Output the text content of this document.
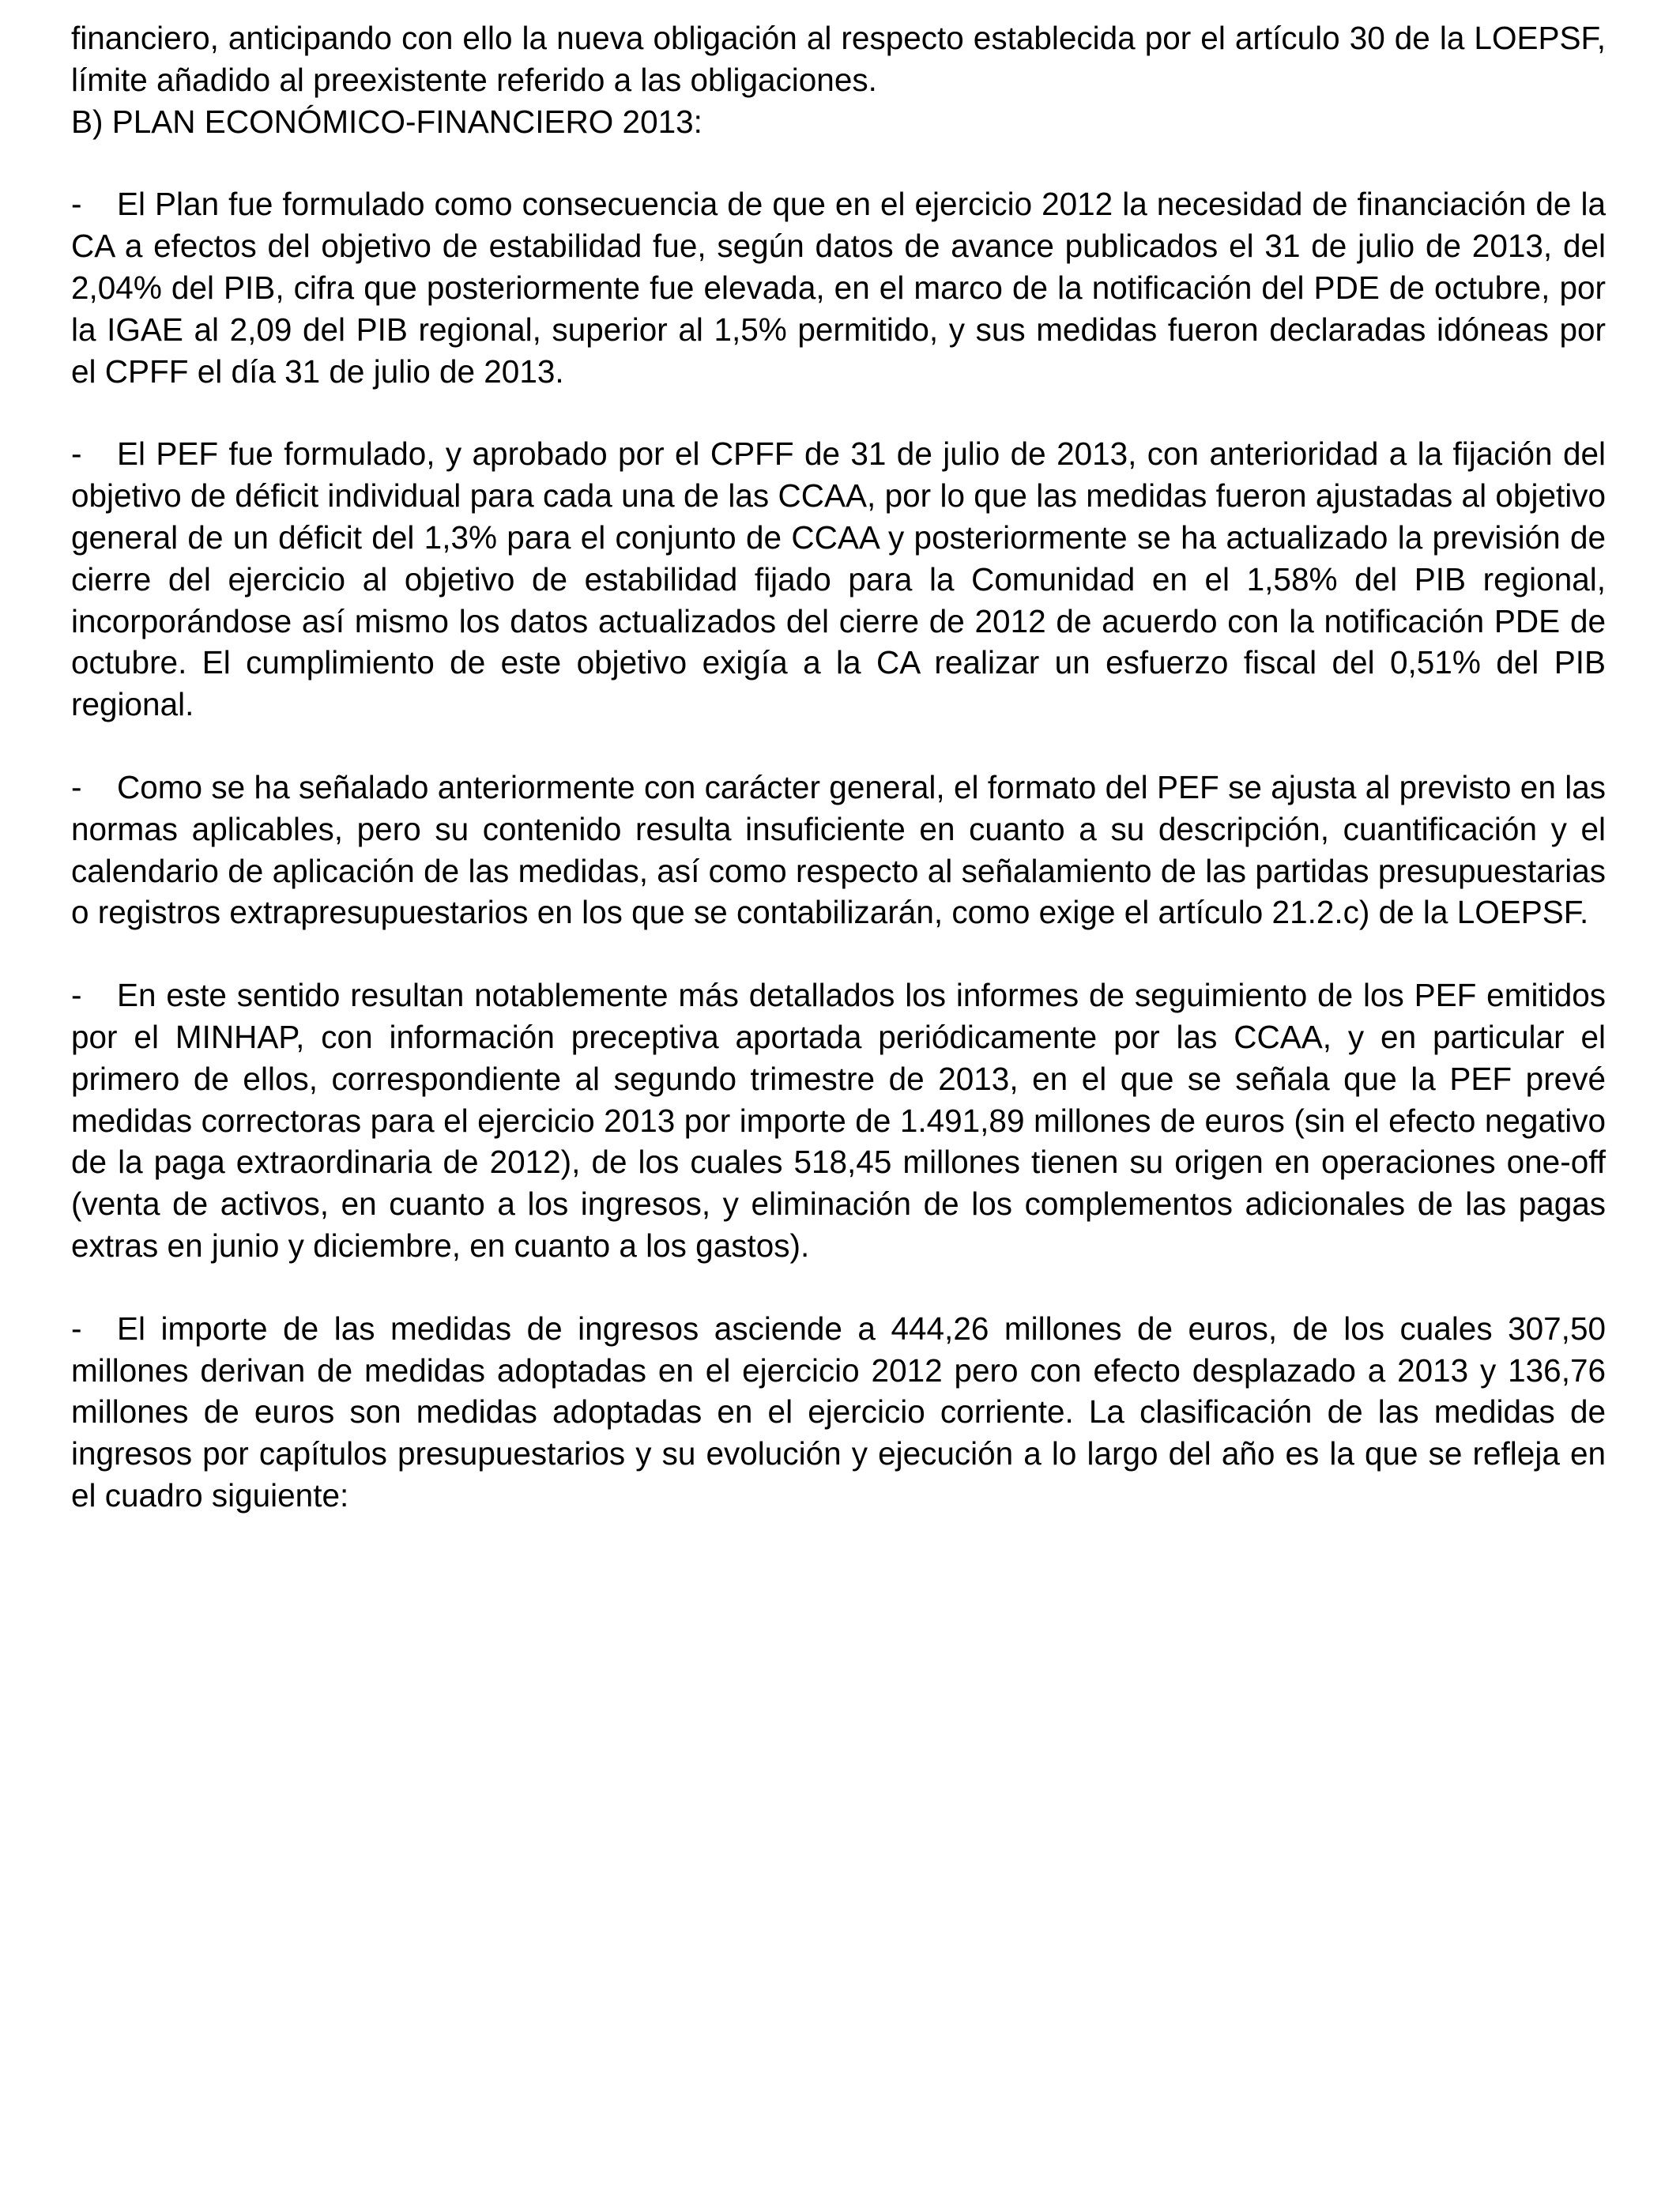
financiero, anticipando con ello la nueva obligación al respecto establecida por el artículo 30 de la LOEPSF, límite añadido al preexistente referido a las obligaciones.

B) PLAN ECONÓMICO-FINANCIERO 2013:

- El Plan fue formulado como consecuencia de que en el ejercicio 2012 la necesidad de financiación de la CA a efectos del objetivo de estabilidad fue, según datos de avance publicados el 31 de julio de 2013, del 2,04% del PIB, cifra que posteriormente fue elevada, en el marco de la notificación del PDE de octubre, por la IGAE al 2,09 del PIB regional, superior al 1,5% permitido, y sus medidas fueron declaradas idóneas por el CPFF el día 31 de julio de 2013.

- El PEF fue formulado, y aprobado por el CPFF de 31 de julio de 2013, con anterioridad a la fijación del objetivo de déficit individual para cada una de las CCAA, por lo que las medidas fueron ajustadas al objetivo general de un déficit del 1,3% para el conjunto de CCAA y posteriormente se ha actualizado la previsión de cierre del ejercicio al objetivo de estabilidad fijado para la Comunidad en el 1,58% del PIB regional, incorporándose así mismo los datos actualizados del cierre de 2012 de acuerdo con la notificación PDE de octubre. El cumplimiento de este objetivo exigía a la CA realizar un esfuerzo fiscal del 0,51% del PIB regional.

- Como se ha señalado anteriormente con carácter general, el formato del PEF se ajusta al previsto en las normas aplicables, pero su contenido resulta insuficiente en cuanto a su descripción, cuantificación y el calendario de aplicación de las medidas, así como respecto al señalamiento de las partidas presupuestarias o registros extrapresupuestarios en los que se contabilizarán, como exige el artículo 21.2.c) de la LOEPSF.

- En este sentido resultan notablemente más detallados los informes de seguimiento de los PEF emitidos por el MINHAP, con información preceptiva aportada periódicamente por las CCAA, y en particular el primero de ellos, correspondiente al segundo trimestre de 2013, en el que se señala que la PEF prevé medidas correctoras para el ejercicio 2013 por importe de 1.491,89 millones de euros (sin el efecto negativo de la paga extraordinaria de 2012), de los cuales 518,45 millones tienen su origen en operaciones one-off (venta de activos, en cuanto a los ingresos, y eliminación de los complementos adicionales de las pagas extras en junio y diciembre, en cuanto a los gastos).

- El importe de las medidas de ingresos asciende a 444,26 millones de euros, de los cuales 307,50 millones derivan de medidas adoptadas en el ejercicio 2012 pero con efecto desplazado a 2013 y 136,76 millones de euros son medidas adoptadas en el ejercicio corriente. La clasificación de las medidas de ingresos por capítulos presupuestarios y su evolución y ejecución a lo largo del año es la que se refleja en el cuadro siguiente:
